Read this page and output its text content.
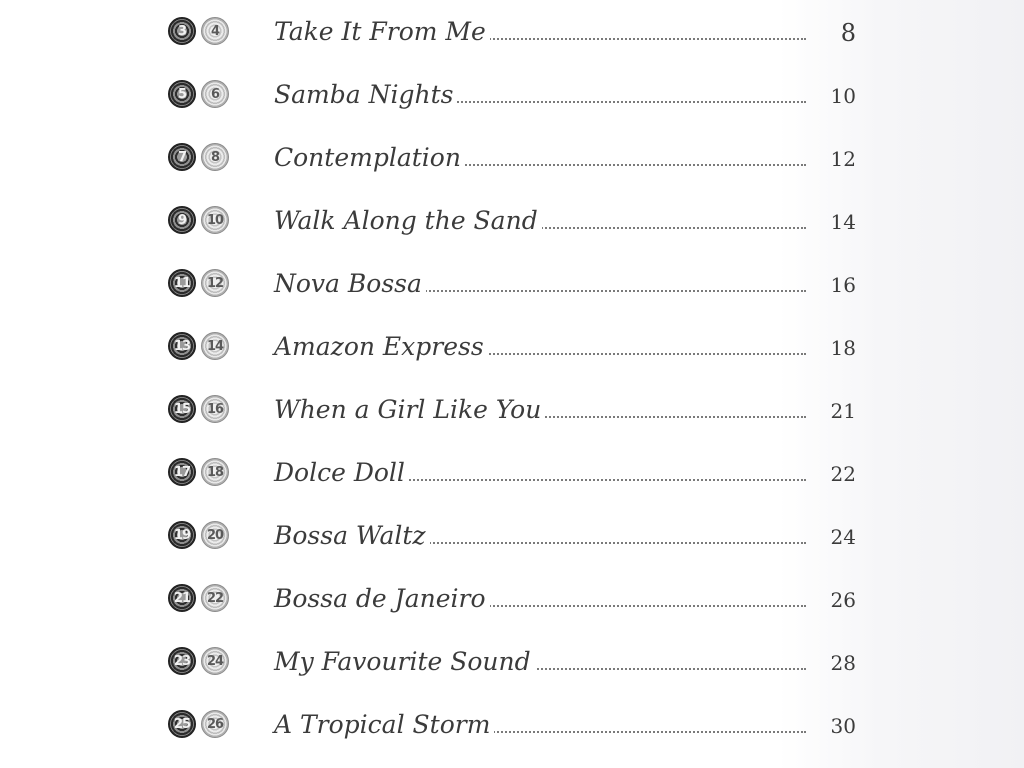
3	4	Take It From Me	8
5	6	Samba Nights	10
7	8	Contemplation	12
9	10 Walk Along the Sand	14
11	12 Nova Bossa	16
13	14 Amazon Express	18
15	16 When a Girl Like You	21
17	18 Dolce Doll	22
19	20 Bossa Waltz	24
21	22 Bossa de Janeiro	26
23	24 My Favourite Sound	28
25	26 A Tropical Storm	30
